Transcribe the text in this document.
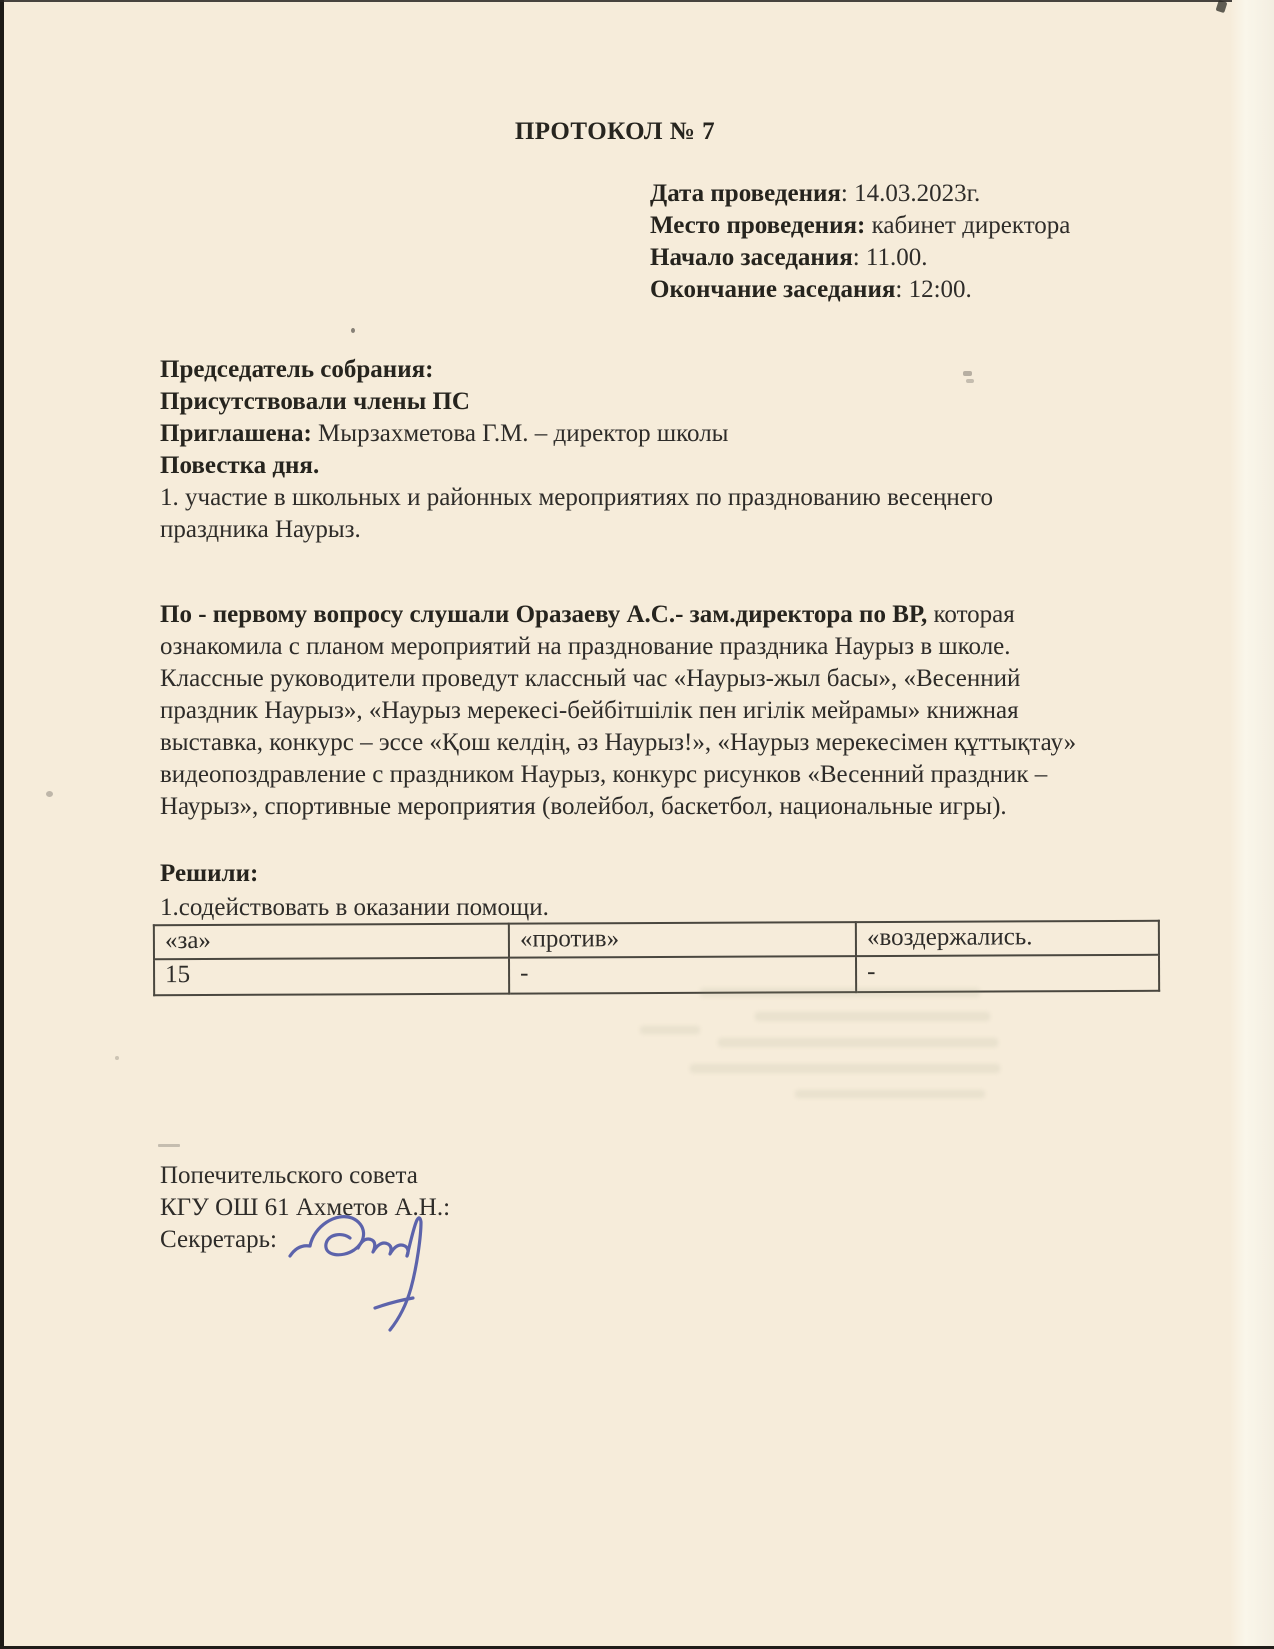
ПРОТОКОЛ № 7
Дата проведения: 14.03.2023г.
Место проведения: кабинет директора
Начало заседания: 11.00.
Окончание заседания: 12:00.
Председатель собрания:
Присутствовали члены ПС
Приглашена: Мырзахметова Г.М. – директор школы
Повестка дня.

1. участие в школьных и районных мероприятиях по празднованию весеңнего праздника Наурыз.

По - первому вопросу слушали Оразаеву А.С.- зам.директора по ВР, которая ознакомила с планом мероприятий на празднование праздника Наурыз в школе. Классные руководители проведут классный час «Наурыз-жыл басы», «Весенний праздник Наурыз», «Наурыз мерекесі-бейбітшілік пен игілік мейрамы» книжная выставка, конкурс – эссе «Қош келдің, әз Наурыз!», «Наурыз мерекесімен құттықтау» видеопоздравление с праздником Наурыз, конкурс рисунков «Весенний праздник – Наурыз», спортивные мероприятия (волейбол, баскетбол, национальные игры).

Решили:
1.содействовать в оказании помощи.
«за»	«против»	«воздержались.
15	-	-
Попечительского совета
КГУ ОШ 61 Ахметов А.Н.:
Секретарь:
